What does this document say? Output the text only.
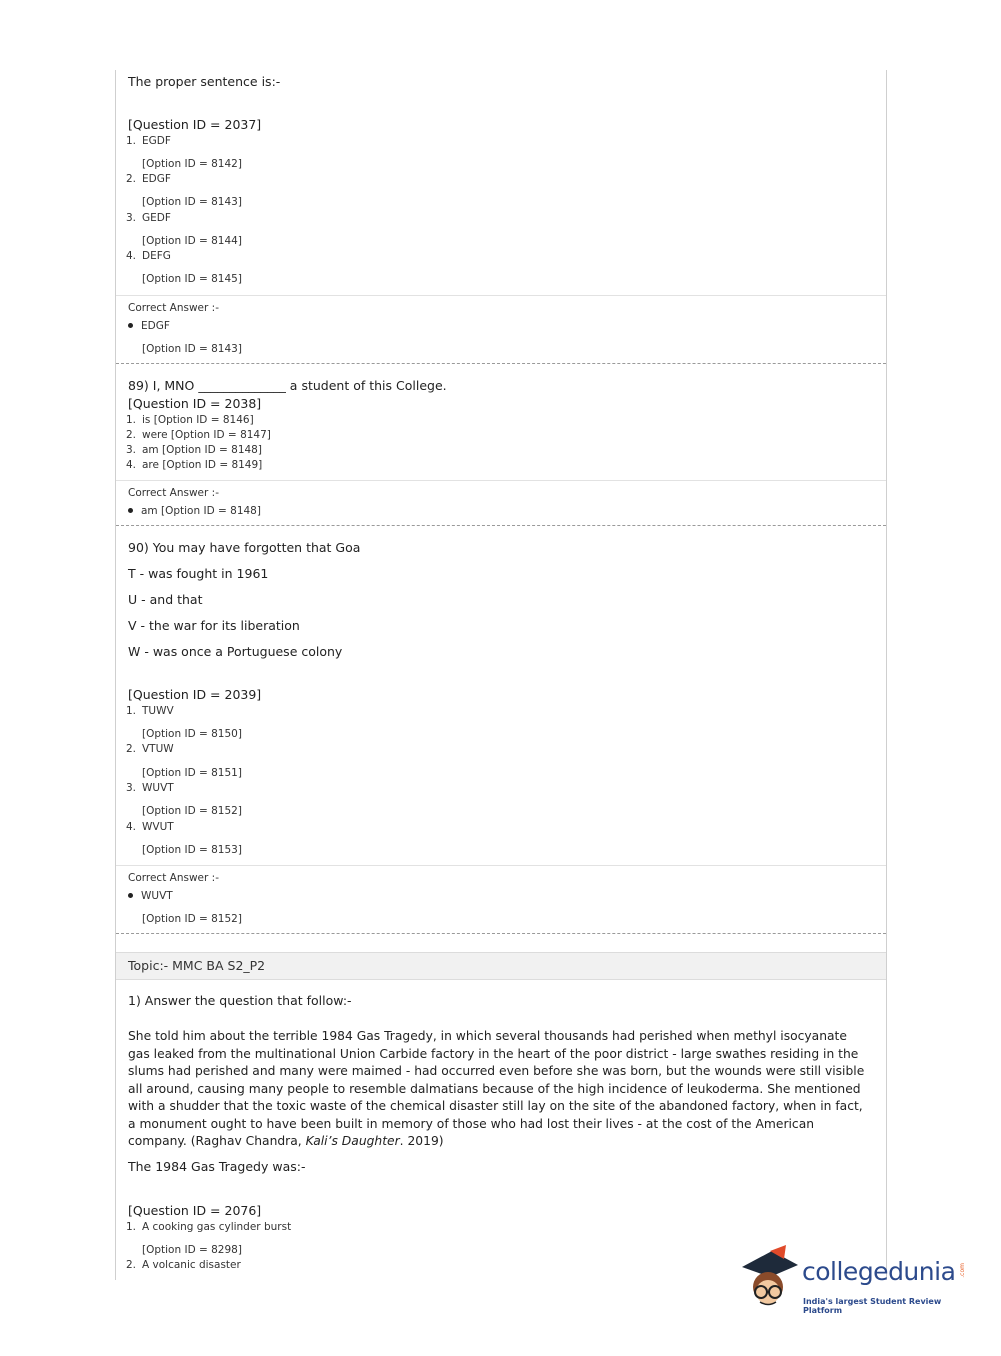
The proper sentence is:-
[Question ID = 2037]
1. EGDF
[Option ID = 8142]
2. EDGF
[Option ID = 8143]
3. GEDF
[Option ID = 8144]
4. DEFG
[Option ID = 8145]
Correct Answer :-
EDGF
[Option ID = 8143]
89) I, MNO ______________ a student of this College.
[Question ID = 2038]
1. is [Option ID = 8146]
2. were [Option ID = 8147]
3. am [Option ID = 8148]
4. are [Option ID = 8149]
Correct Answer :-
am [Option ID = 8148]
90) You may have forgotten that Goa
T - was fought in 1961
U - and that
V - the war for its liberation
W - was once a Portuguese colony
[Question ID = 2039]
1. TUWV
[Option ID = 8150]
2. VTUW
[Option ID = 8151]
3. WUVT
[Option ID = 8152]
4. WVUT
[Option ID = 8153]
Correct Answer :-
WUVT
[Option ID = 8152]
Topic:- MMC BA S2_P2
1) Answer the question that follow:-
She told him about the terrible 1984 Gas Tragedy, in which several thousands had perished when methyl isocyanate gas leaked from the multinational Union Carbide factory in the heart of the poor district - large swathes residing in the slums had perished and many were maimed - had occurred even before she was born, but the wounds were still visible all around, causing many people to resemble dalmatians because of the high incidence of leukoderma. She mentioned with a shudder that the toxic waste of the chemical disaster still lay on the site of the abandoned factory, when in fact, a monument ought to have been built in memory of those who had lost their lives - at the cost of the American company. (Raghav Chandra, Kali’s Daughter. 2019)
The 1984 Gas Tragedy was:-
[Question ID = 2076]
1. A cooking gas cylinder burst
[Option ID = 8298]
2. A volcanic disaster	collegedunia .com
India's largest Student Review Platform
